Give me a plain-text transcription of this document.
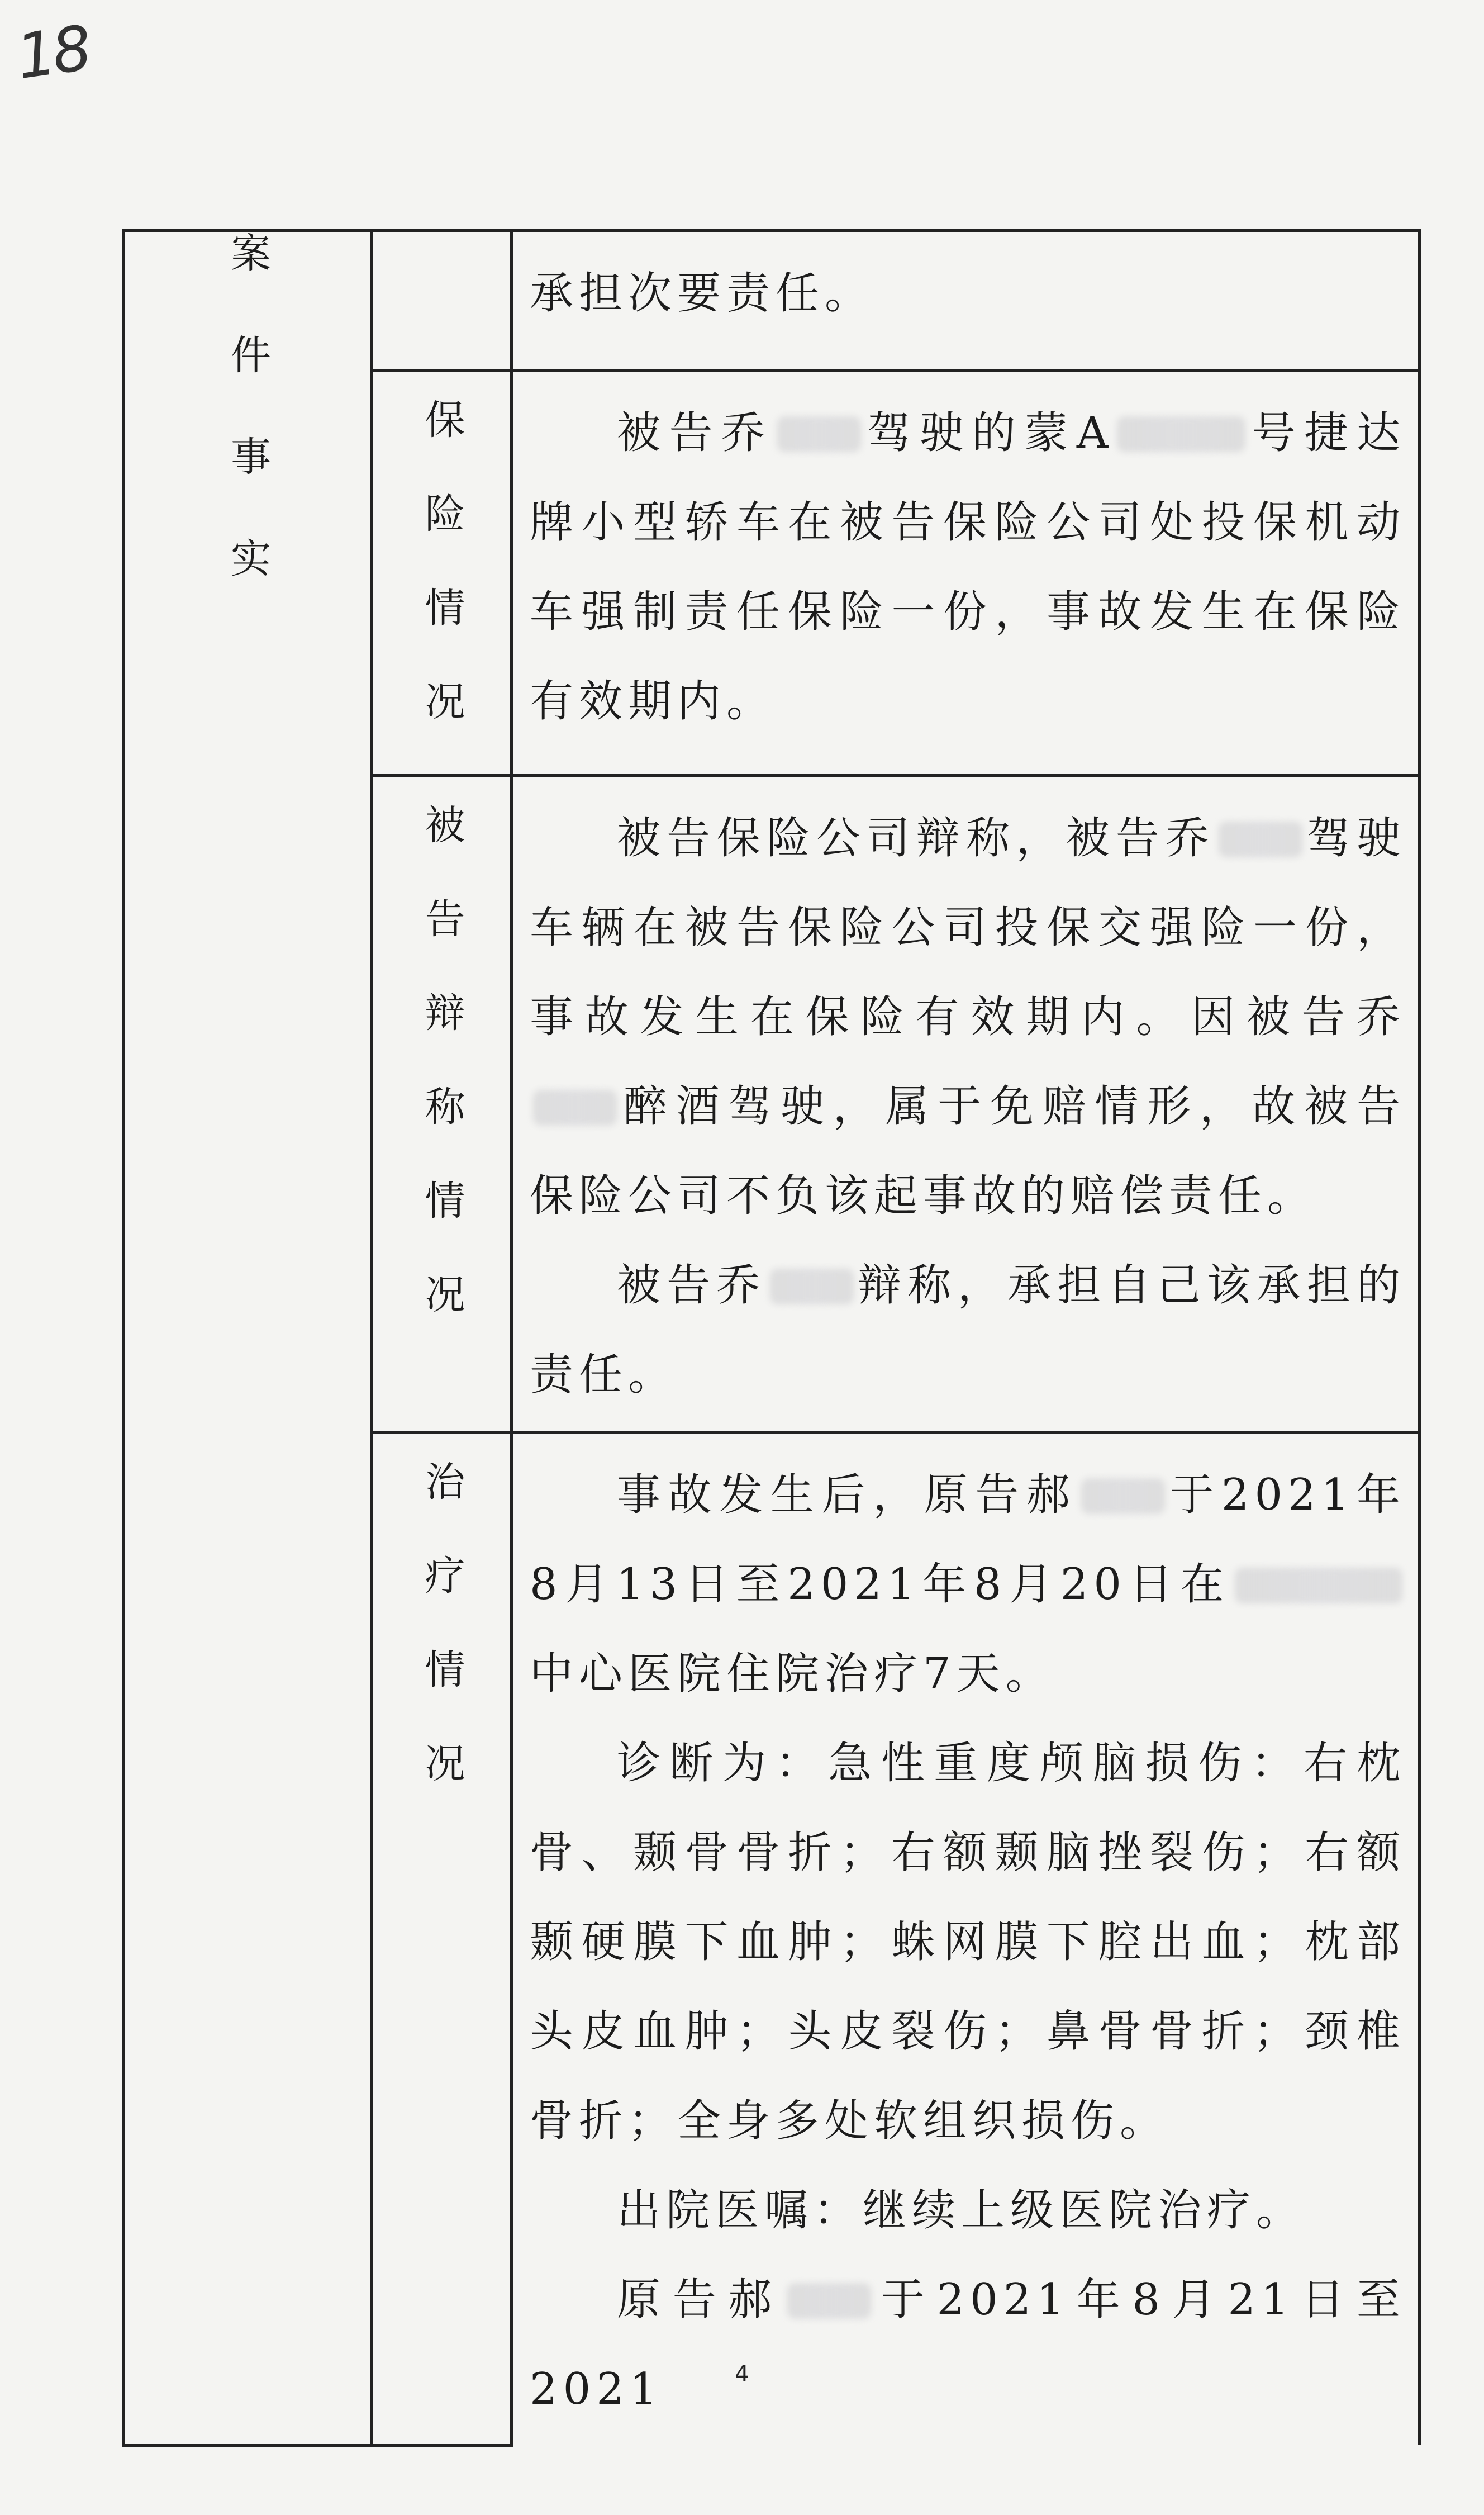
18
案件事实		承担次要责任。

	保险情况	被告乔 驾驶的蒙A 号捷达牌小型轿车在被告保险公司处投保机动车强制责任保险一份，事故发生在保险有效期内。

	被告辩称情况	被告保险公司辩称，被告乔 驾驶车辆在被告保险公司投保交强险一份，事故发生在保险有效期内。因被告乔醉酒驾驶，属于免赔情形，故被告保险公司不负该起事故的赔偿责任。

被告乔 辩称，承担自己该承担的责任。

	治疗情况	事故发生后，原告郝 于2021年8月13日至2021年8月20日在中心医院住院治疗7天。

诊断为：急性重度颅脑损伤：右枕骨、颞骨骨折；右额颞脑挫裂伤；右额颞硬膜下血肿；蛛网膜下腔出血；枕部头皮血肿；头皮裂伤；鼻骨骨折；颈椎骨折；全身多处软组织损伤。

出院医嘱：继续上级医院治疗。

原告郝 于2021年8月21日至2021	4
